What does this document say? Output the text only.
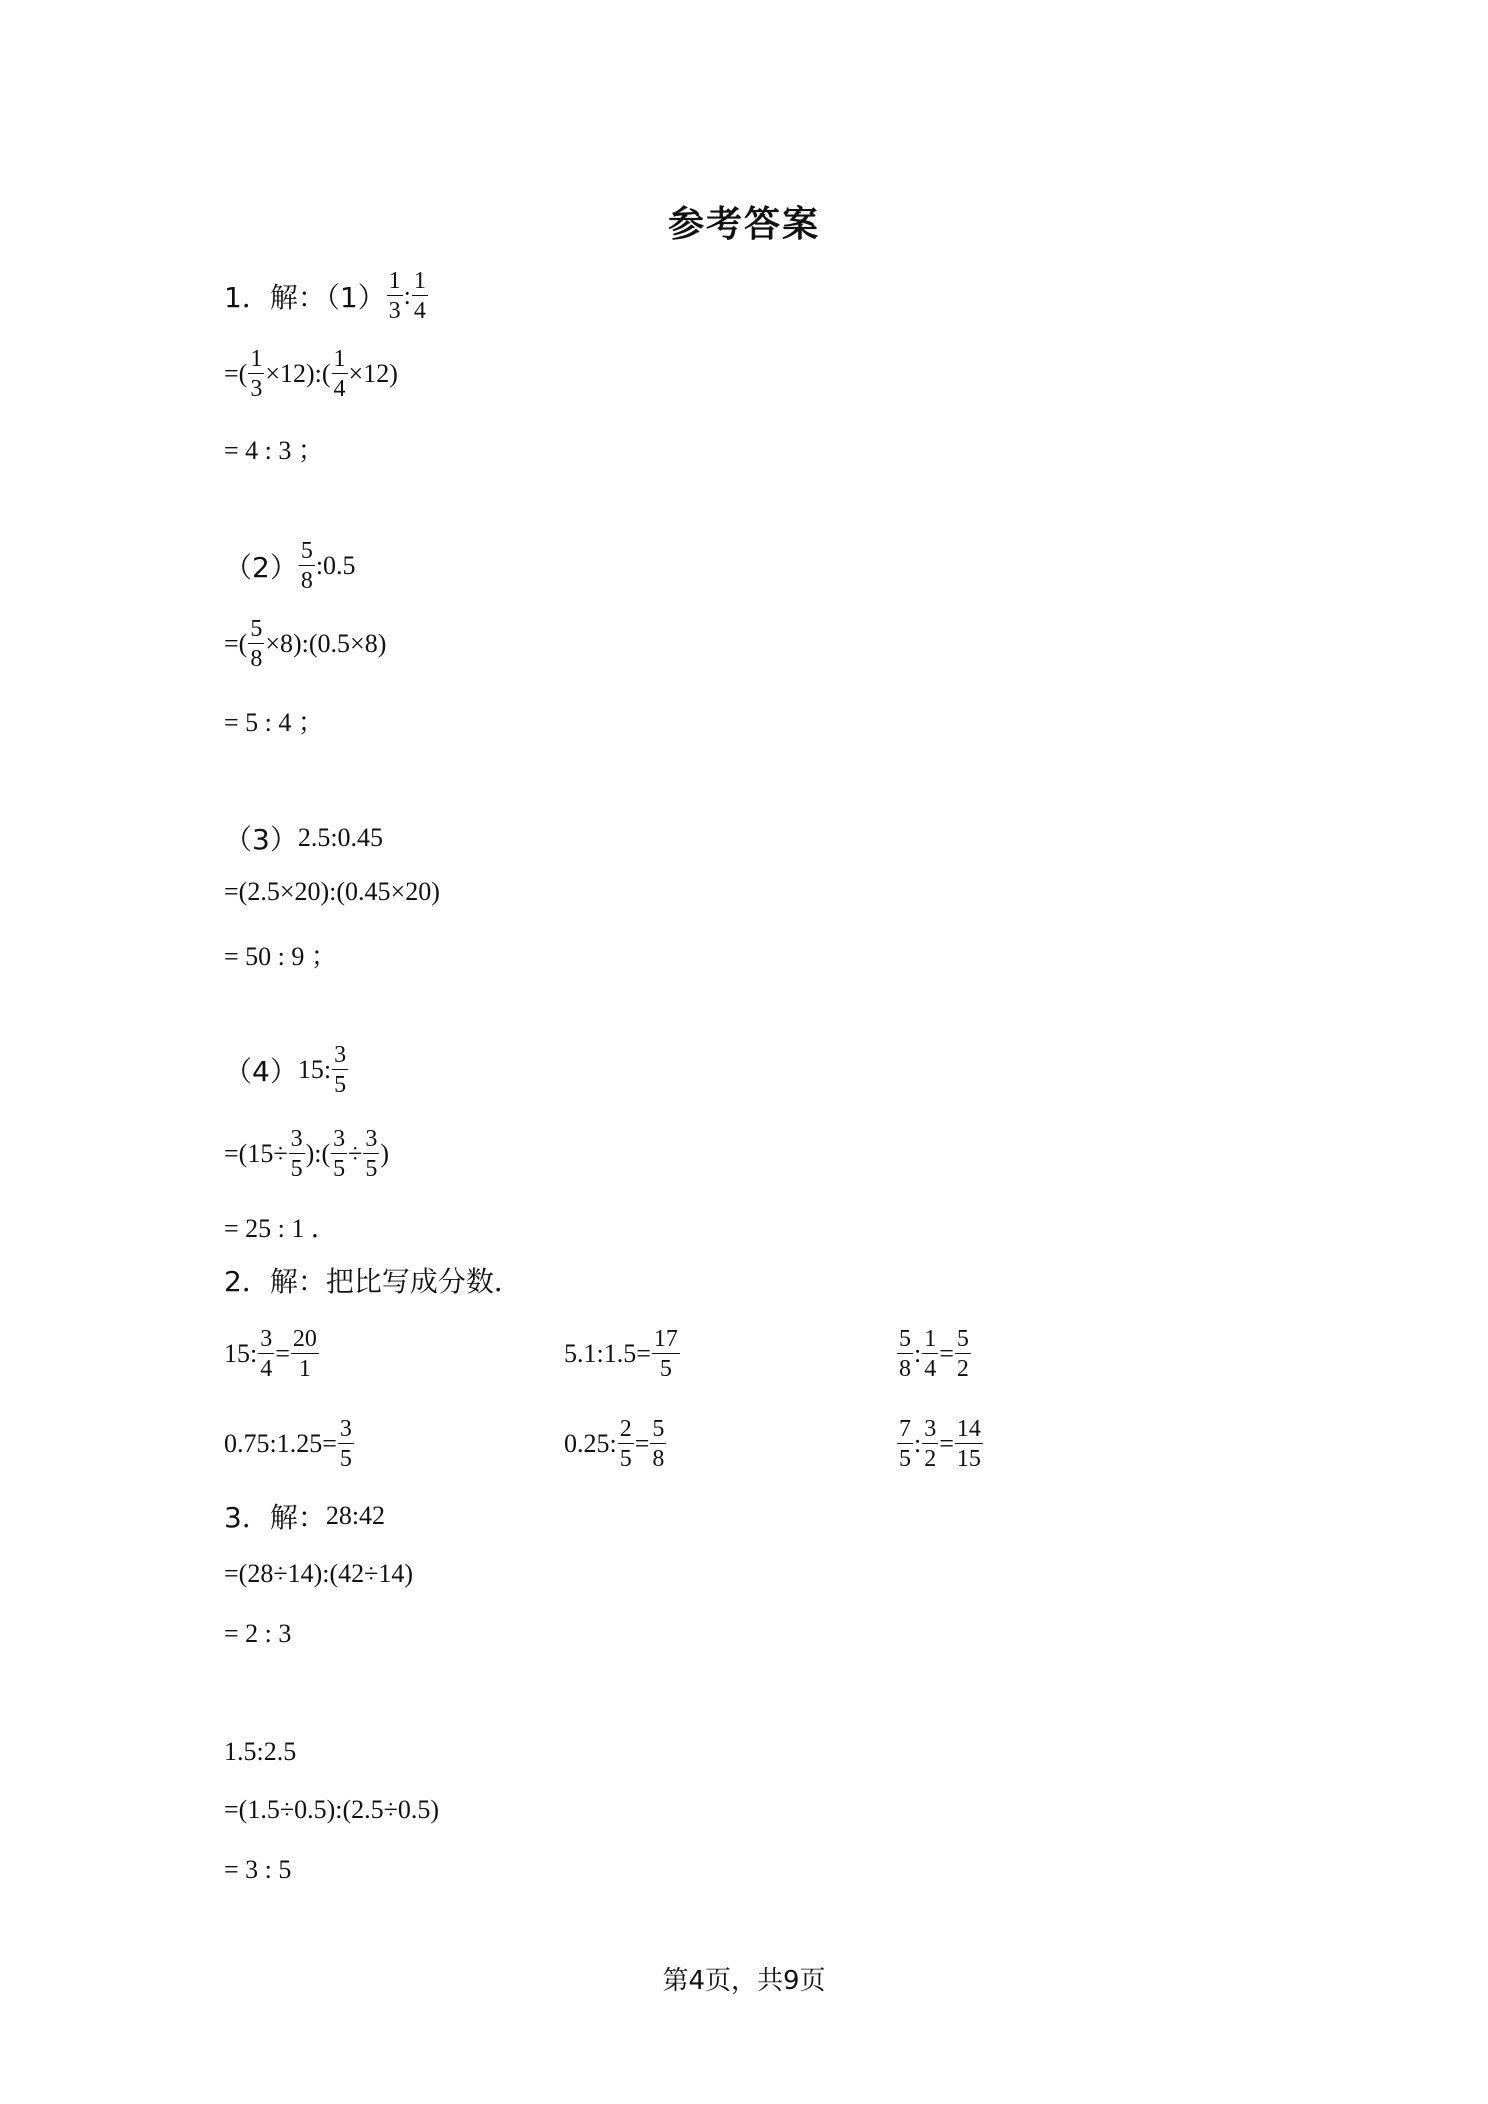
参考答案
1．解：$(1) \frac{1}{3}$ : $\frac{1}{4}$
=( $\frac{1}{3}$ ×12):( $\frac{1}{4} \times 12$)
= 4 : 3 ；
$(2) \frac{5}{8}$ :0.5
=( $\frac{5}{8}$ ×8):(0.5×8)
= 5 : 4 ；
（3） 2.5:0.45
=(2.5×20):(0.45×20)
= 50 : 9 ；
（4） 15: $\frac{3}{5}$
$=(15\div \frac{3}{5}$ ):( $\frac{3}{5} \div \frac{3}{5}$ )
= 25 : 1 ．
2．解：把比写成分数．
15: $\frac{3}{4} = \frac{20}{1}$	5.1:1.5= $\frac{17}{5}$	$\frac{5}{8}$ : $\frac{1}{4} = \frac{5}{2}$
0.75:1.25= $\frac{3}{5}$	0.25: $\frac{2}{5} = \frac{5}{8}$	$\frac{7}{5}$ : $\frac{3}{2} = \frac{14}{15}$
3．解： 28:42
=(28÷14):(42÷14)
= 2 : 3
1.5:2.5
=(1.5÷0.5):(2.5÷0.5)
= 3 : 5
第4页，共9页
